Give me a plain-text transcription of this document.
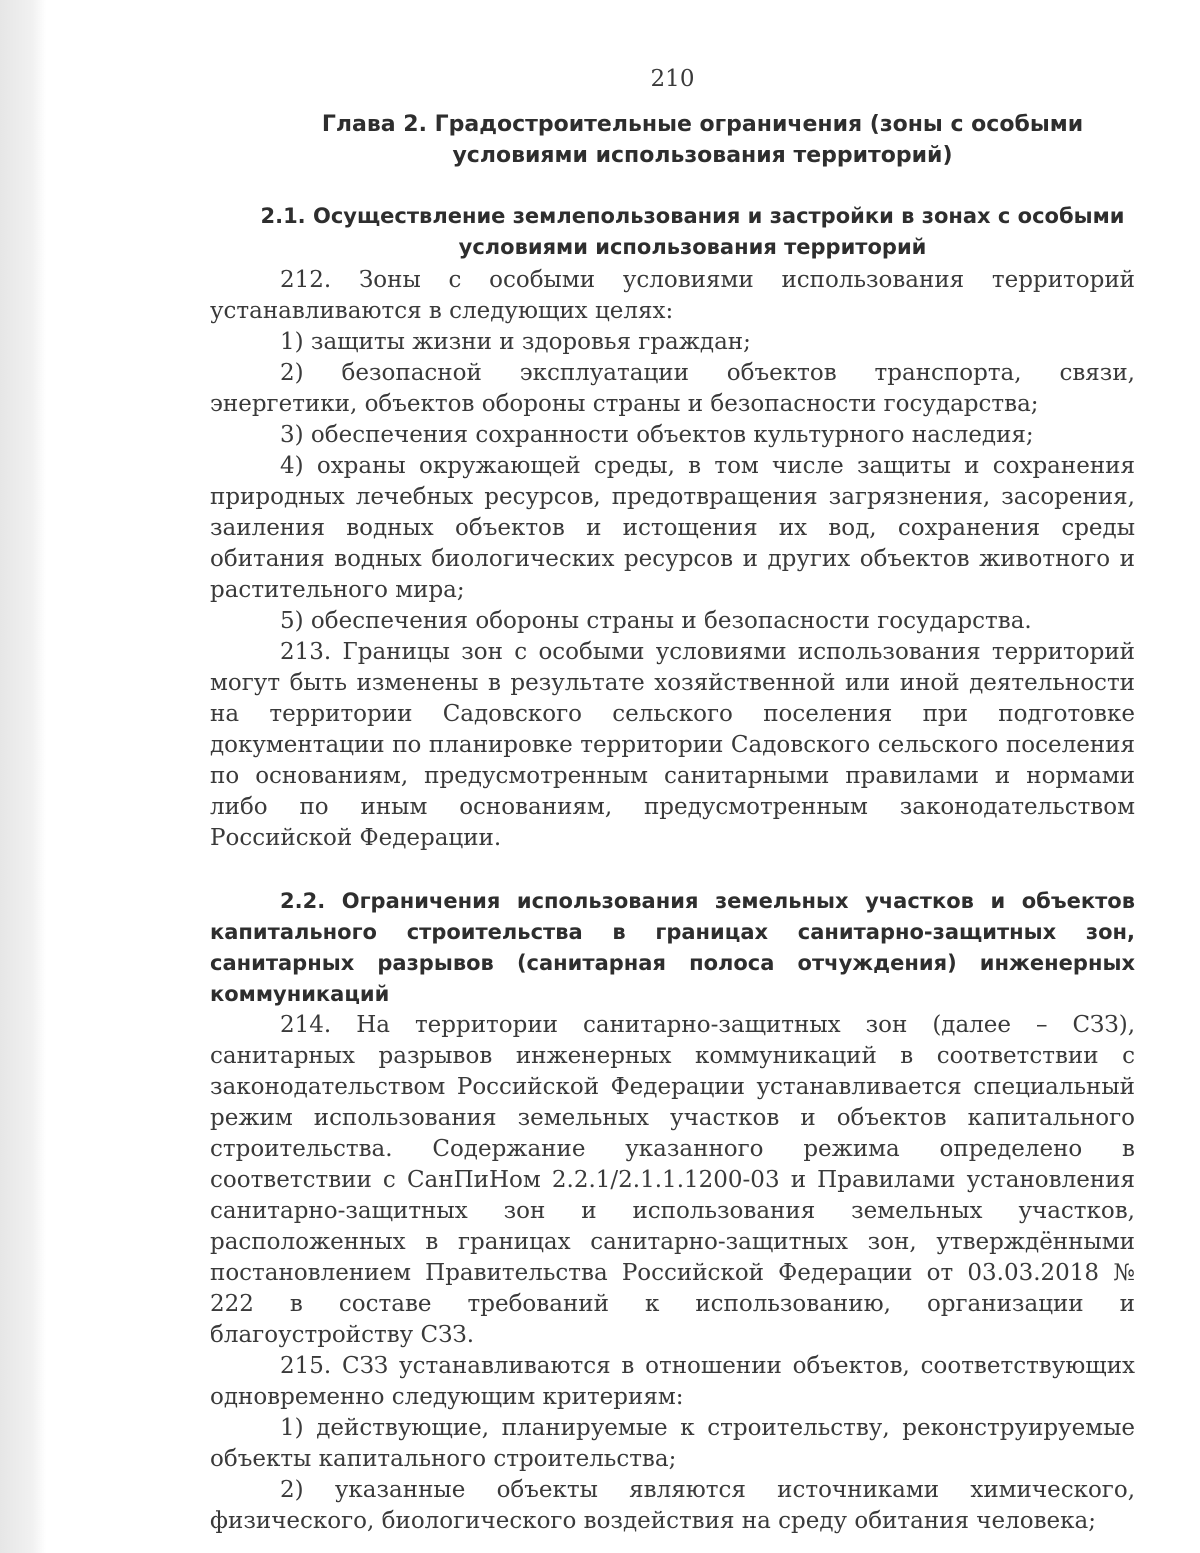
210
Глава 2. Градостроительные ограничения (зоны с особыми условиями использования территорий)
2.1. Осуществление землепользования и застройки в зонах с особыми условиями использования территорий

212. Зоны с особыми условиями использования территорий устанавливаются в следующих целях:

1) защиты жизни и здоровья граждан;

2) безопасной эксплуатации объектов транспорта, связи, энергетики, объектов обороны страны и безопасности государства;

3) обеспечения сохранности объектов культурного наследия;

4) охраны окружающей среды, в том числе защиты и сохранения природных лечебных ресурсов, предотвращения загрязнения, засорения, заиления водных объектов и истощения их вод, сохранения среды обитания водных биологических ресурсов и других объектов животного и растительного мира;

5) обеспечения обороны страны и безопасности государства.

213. Границы зон с особыми условиями использования территорий могут быть изменены в результате хозяйственной или иной деятельности на территории Садовского сельского поселения при подготовке документации по планировке территории Садовского сельского поселения по основаниям, предусмотренным санитарными правилами и нормами либо по иным основаниям, предусмотренным законодательством Российской Федерации.

2.2. Ограничения использования земельных участков и объектов капитального строительства в границах санитарно-защитных зон, санитарных разрывов (санитарная полоса отчуждения) инженерных коммуникаций

214. На территории санитарно-защитных зон (далее – СЗЗ), санитарных разрывов инженерных коммуникаций в соответствии с законодательством Российской Федерации устанавливается специальный режим использования земельных участков и объектов капитального строительства. Содержание указанного режима определено в соответствии с СанПиНом 2.2.1/2.1.1.1200-03 и Правилами установления санитарно-защитных зон и использования земельных участков, расположенных в границах санитарно-защитных зон, утверждёнными постановлением Правительства Российской Федерации от 03.03.2018 № 222 в составе требований к использованию, организации и благоустройству СЗЗ.

215. СЗЗ устанавливаются в отношении объектов, соответствующих одновременно следующим критериям:

1) действующие, планируемые к строительству, реконструируемые объекты капитального строительства;

2) указанные объекты являются источниками химического, физического, биологического воздействия на среду обитания человека;
